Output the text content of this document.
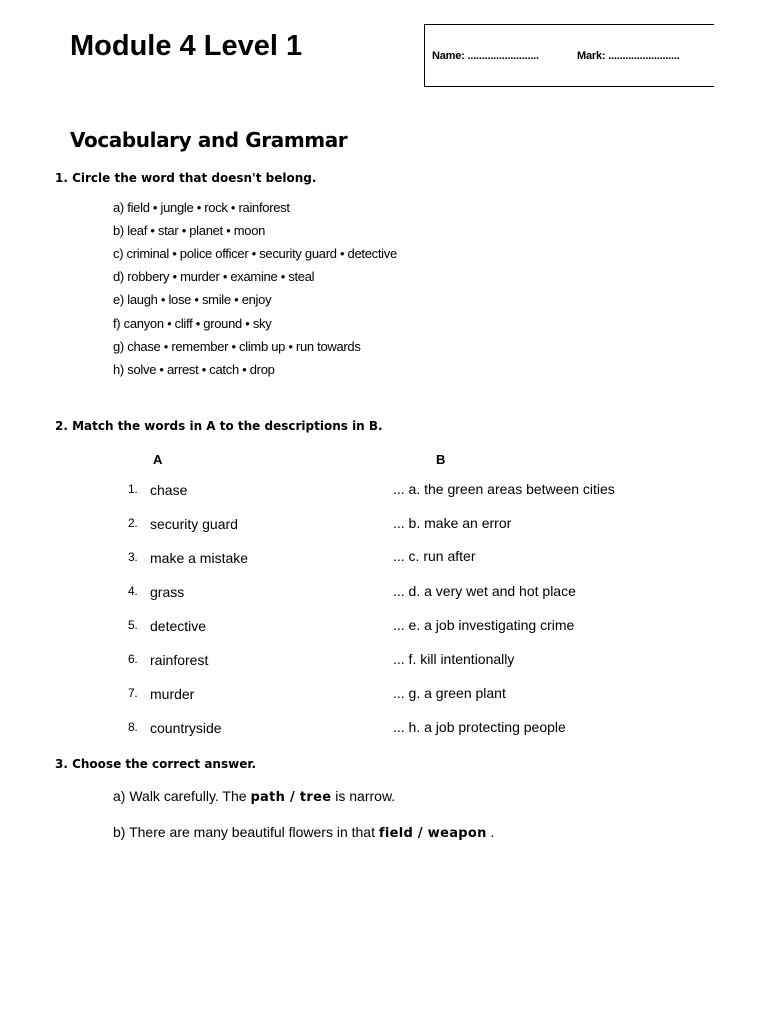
Module 4 Level 1	Name: .........................	Mark: .........................
Vocabulary and Grammar
1. Circle the word that doesn't belong.
a) field • jungle • rock • rainforest
b) leaf • star • planet • moon
c) criminal • police officer • security guard • detective
d) robbery • murder • examine • steal
e) laugh • lose • smile • enjoy
f) canyon • cliff • ground • sky
g) chase • remember • climb up • run towards
h) solve • arrest • catch • drop
2. Match the words in A to the descriptions in B.
A	B
1. chase	... a. the green areas between cities
2. security guard	... b. make an error
3. make a mistake	... c. run after
4. grass	... d. a very wet and hot place
5. detective	... e. a job investigating crime
6. rainforest	... f. kill intentionally
7. murder	... g. a green plant
8. countryside	... h. a job protecting people
3. Choose the correct answer.
a) Walk carefully. The path / tree is narrow.
b) There are many beautiful flowers in that field / weapon .
